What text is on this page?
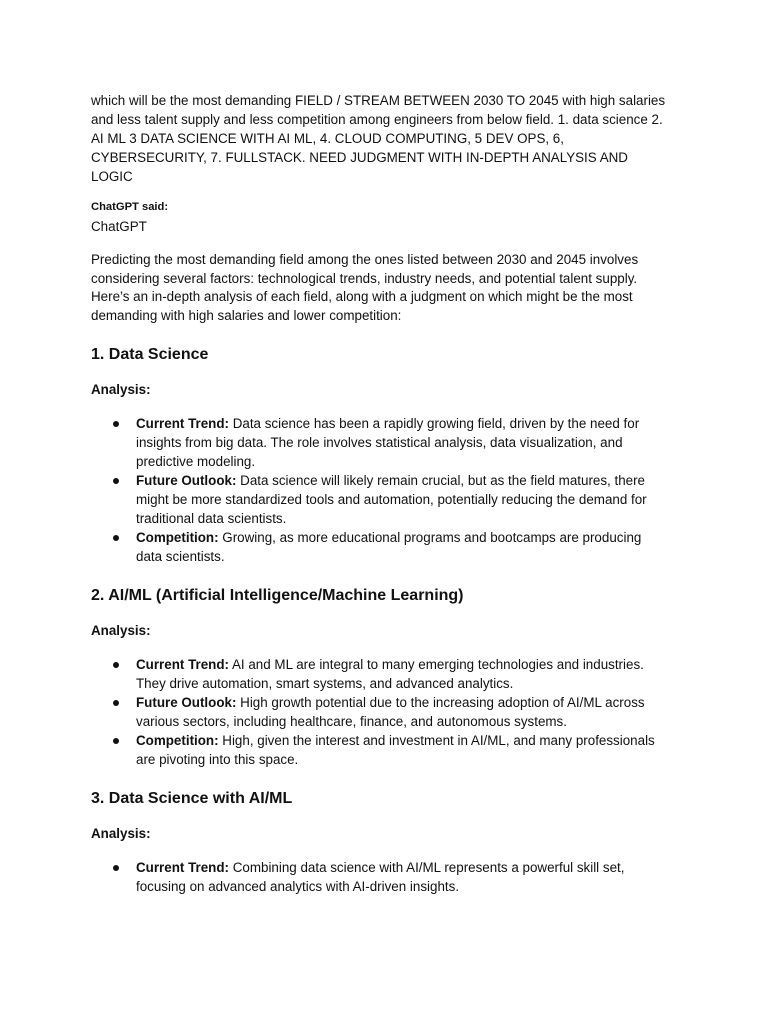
which will be the most demanding FIELD / STREAM BETWEEN 2030 TO 2045 with high salaries and less talent supply and less competition among engineers from below field. 1. data science 2. AI ML 3 DATA SCIENCE WITH AI ML, 4. CLOUD COMPUTING, 5 DEV OPS, 6, CYBERSECURITY, 7. FULLSTACK. NEED JUDGMENT WITH IN-DEPTH ANALYSIS AND LOGIC

ChatGPT said:
ChatGPT

Predicting the most demanding field among the ones listed between 2030 and 2045 involves considering several factors: technological trends, industry needs, and potential talent supply. Here’s an in-depth analysis of each field, along with a judgment on which might be the most demanding with high salaries and lower competition:

1. Data Science
Analysis:
Current Trend: Data science has been a rapidly growing field, driven by the need for insights from big data. The role involves statistical analysis, data visualization, and predictive modeling.
Future Outlook: Data science will likely remain crucial, but as the field matures, there might be more standardized tools and automation, potentially reducing the demand for traditional data scientists.
Competition: Growing, as more educational programs and bootcamps are producing data scientists.
2. AI/ML (Artificial Intelligence/Machine Learning)
Analysis:
Current Trend: AI and ML are integral to many emerging technologies and industries. They drive automation, smart systems, and advanced analytics.
Future Outlook: High growth potential due to the increasing adoption of AI/ML across various sectors, including healthcare, finance, and autonomous systems.
Competition: High, given the interest and investment in AI/ML, and many professionals are pivoting into this space.
3. Data Science with AI/ML
Analysis:
Current Trend: Combining data science with AI/ML represents a powerful skill set, focusing on advanced analytics with AI-driven insights.
